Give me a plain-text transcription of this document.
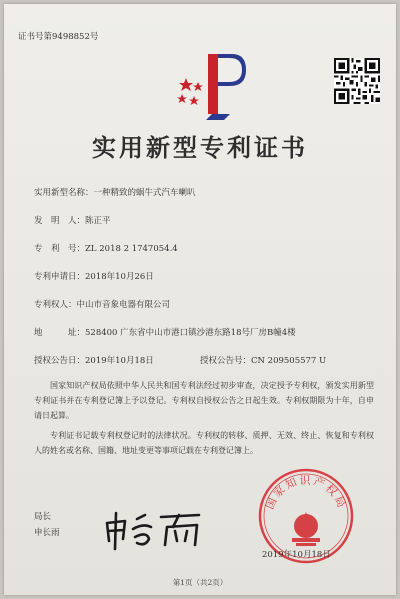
证书号第9498852号
实用新型专利证书
实用新型名称：一种精致的蜗牛式汽车喇叭
发　明　人：陈正平
专　利　号：ZL 2018 2 1747054.4
专利申请日：2018年10月26日
专利权人：中山市音象电器有限公司
地　　　址：528400 广东省中山市港口镇沙港东路18号厂房B幢4楼
授权公告日：2019年10月18日	授权公告号：CN 209505577 U
国家知识产权局依照中华人民共和国专利法经过初步审查，决定授予专利权，颁发实用新型专利证书并在专利登记簿上予以登记。专利权自授权公告之日起生效。专利权期限为十年，自申请日起算。
专利证书记载专利权登记时的法律状况。专利权的转移、质押、无效、终止、恢复和专利权人的姓名或名称、国籍、地址变更等事项记载在专利登记簿上。
局长
申长雨
国家知识产权局
2019年10月18日
第1页（共2页）
